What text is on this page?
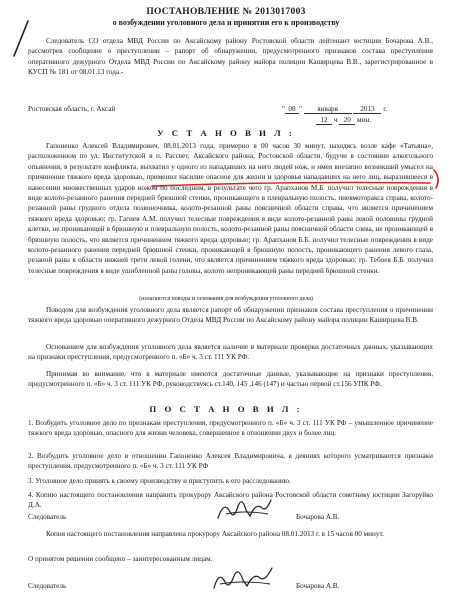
ПОСТАНОВЛЕНИЕ № 2013017003
о возбуждении уголовного дела и принятии его к производству
Следователь СО отдела МВД России по Аксайскому району Ростовской области лейтенант юстиции Бочарова А.В., рассмотрев сообщение о преступлении – рапорт об обнаружении, предусмотренного признаков состава преступления оперативного дежурного Отдела МВД России по Аксайскому району майора полиции Каширцева В.В., зарегистрированное в КУСП № 181 от 08.01.13 года.-
Ростовская область, г. Аксай	" 08 " января	2013 г.
12 ч 20 мин.
У С Т А Н О В И Л :
Гапоненко Алексей Владимирович, 08.01.2013 года, примерно в 00 часов 30 минут, находясь возле кафе «Татьяна», расположенном по ул. Институтской в п. Рассвет, Аксайского района, Ростовской области, будучи в состоянии алкогольного опьянения, в результате конфликта, выхватил у одного из нападавших на него людей нож, и имея внезапно возникший умысел на причинение тяжкого вреда здоровью, применил насилие опасное для жизни и здоровья нападавших на него лиц, выразившееся в нанесении множественных ударов ножом по последним, в результате чего гр. Арапханов М.Б. получил телесные повреждения в виде колото-резанного ранения передней брюшной стенки, проникающего в плевральную полость, пневмоторакса справа, колото-резанной раны грудного отдела позвоночника, колото-резанной раны поясничной области справа, что является причинением тяжкого вреда здоровью; гр. Гагиев А.М. получил телесные повреждения в виде колото-резанной раны левой половины грудной клетки, не проникающей в брюшную и плевральную полость, колото-резанной раны поясничной области слева, не проникающей в брюшную полость, что является причинением тяжкого вреда здоровью; гр. Арапханов Б.Б. получил телесные повреждения в виде колото-резанного ранения передней брюшной стенки, проникающей в брюшную полость, проникающего ранения левого глаза, резаной раны в области нижней трети левой голени, что является причинением тяжкого вреда здоровью; гр. Тебоев Б.Б. получил телесные повреждения в виде ушибленной раны головы, колото непроникающей раны передней брюшной стенки.
(излагаются поводы и основания для возбуждения уголовного дела)
Поводом для возбуждения уголовного дела является рапорт об обнаружении признаков состава преступления о причинении тяжкого вреда здоровью оперативного дежурного Отдела МВД России по Аксайскому району майора полиции Каширцева В.В.
Основанием для возбуждения уголовного дела является наличие в материале проверки достаточных данных, указывающих на признаки преступления, предусмотренного п. «Б» ч. 3 ст. 111 УК РФ.
Принимая во внимание, что в материале имеются достаточные данные, указывающие на признаки преступления, предусмотренного п. «Б» ч. 3 ст. 111 УК РФ, руководствуясь ст.140, 145 ,146 (147) и частью первой ст.156 УПК РФ.
П О С Т А Н О В И Л :
1. Возбудить уголовное дело по признакам преступления, предусмотренного п. «Б» ч. 3 ст. 111 УК РФ – умышленное причинение тяжкого вреда здоровью, опасного для жизни человека, совершенное в отношении двух и более лиц.
2. Возбудить уголовное дело в отношении Гапоненко Алексея Владимировича, в деяниях которого усматриваются признаки преступления, предусмотренного п. «Б» ч. 3 ст. 111 УК РФ
3. Уголовное дело принять к своему производству и приступить к его расследованию.
4. Копию настоящего постановления направить прокурору Аксайского района Ростовской области советнику юстиции Загоруйко Д.А.
Следователь	Бочарова А.В.
Копия настоящего постановления направлена прокурору Аксайского района 08.01.2013 г. в 15 часов 00 минут.
О принятом решении сообщено – заинтересованным лицам.
Следователь	Бочарова А.В.
